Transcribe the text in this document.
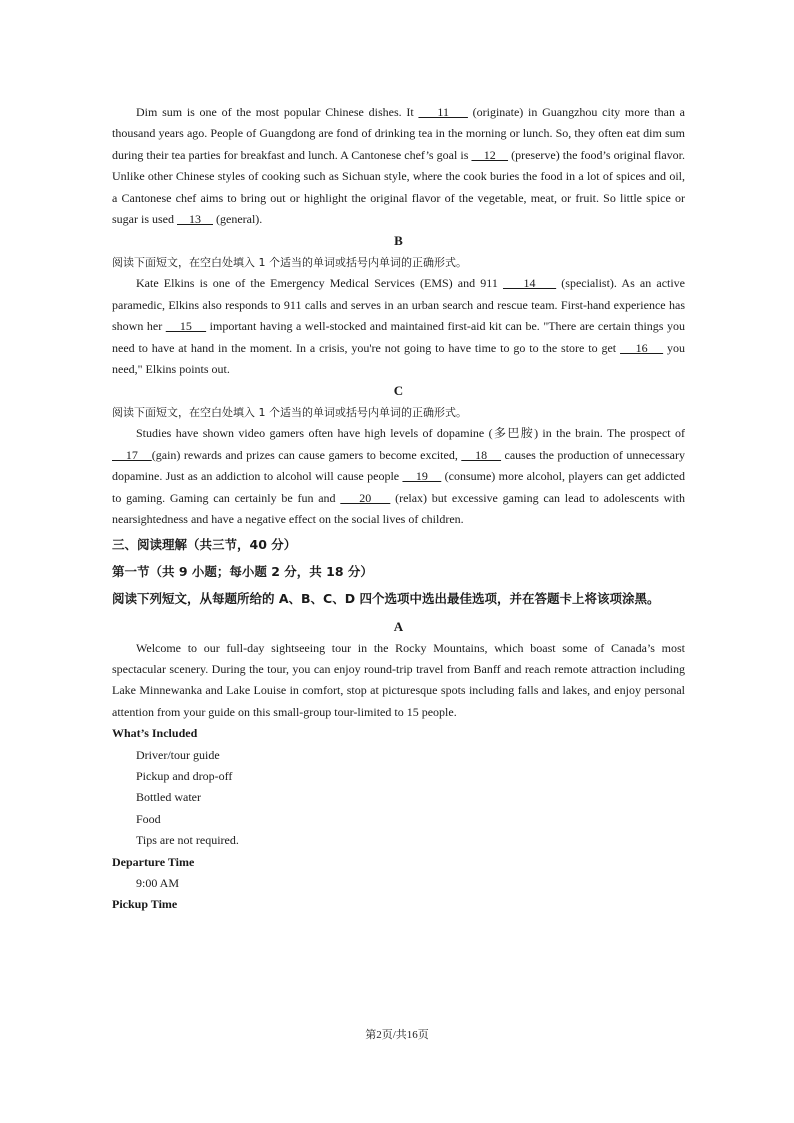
Dim sum is one of the most popular Chinese dishes. It     11     (originate) in Guangzhou city more than a thousand years ago. People of Guangdong are fond of drinking tea in the morning or lunch. So, they often eat dim sum during their tea parties for breakfast and lunch. A Cantonese chef’s goal is     12     (preserve) the food’s original flavor. Unlike other Chinese styles of cooking such as Sichuan style, where the cook buries the food in a lot of spices and oil, a Cantonese chef aims to bring out or highlight the original flavor of the vegetable, meat, or fruit. So little spice or sugar is used     13     (general).

B
阅读下面短文，在空白处填入 1 个适当的单词或括号内单词的正确形式。

Kate Elkins is one of the Emergency Medical Services (EMS) and 911     14     (specialist). As an active paramedic, Elkins also responds to 911 calls and serves in an urban search and rescue team. First-hand experience has shown her     15     important having a well-stocked and maintained first-aid kit can be. "There are certain things you need to have at hand in the moment. In a crisis, you're not going to have time to go to the store to get     16     you need," Elkins points out.

C
阅读下面短文，在空白处填入 1 个适当的单词或括号内单词的正确形式。

Studies have shown video gamers often have high levels of dopamine (多巴胺) in the brain. The prospect of     17    (gain) rewards and prizes can cause gamers to become excited,     18     causes the production of unnecessary dopamine. Just as an addiction to alcohol will cause people     19     (consume) more alcohol, players can get addicted to gaming. Gaming can certainly be fun and     20     (relax) but excessive gaming can lead to adolescents with nearsightedness and have a negative effect on the social lives of children.

三、阅读理解（共三节，40 分）
第一节（共 9 小题；每小题 2 分，共 18 分）
阅读下列短文，从每题所给的 A、B、C、D 四个选项中选出最佳选项，并在答题卡上将该项涂黑。
A

Welcome to our full-day sightseeing tour in the Rocky Mountains, which boast some of Canada’s most spectacular scenery. During the tour, you can enjoy round-trip travel from Banff and reach remote attraction including Lake Minnewanka and Lake Louise in comfort, stop at picturesque spots including falls and lakes, and enjoy personal attention from your guide on this small-group tour-limited to 15 people.

What’s Included
Driver/tour guide
Pickup and drop-off
Bottled water
Food
Tips are not required.
Departure Time
9:00 AM
Pickup Time
第2页/共16页
